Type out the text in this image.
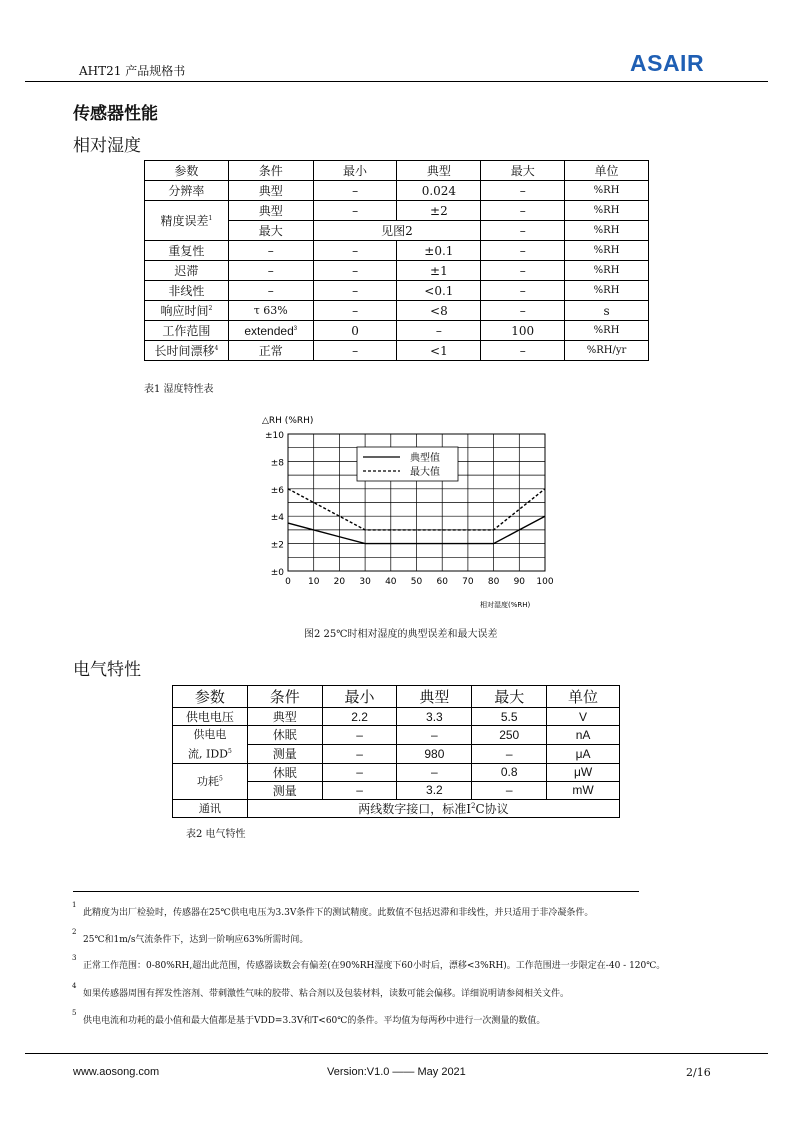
AHT21 产品规格书	ASAIR
传感器性能
相对湿度
参数	条件	最小	典型	最大	单位
分辨率	典型	–	0.024	–	%RH
精度误差$^1$	典型	–	±2	–	%RH
	最大	见图2		–	%RH
重复性	–	–	±0.1	–	%RH
迟滞	–	–	±1	–	%RH
非线性	–	–	<0.1	–	%RH
响应时间$^2$	τ 63%	–	<8	–	s
工作范围	extended$^3$	0	–	100	%RH
长时间漂移$^4$	正常	–	<1	–	%RH/yr
表1 湿度特性表
△RH (%RH)
0 10 20 30 40 50 60 70 80 90 100
±0
±2
±4
±6
±8
±10
典型值
最大值
相对湿度(%RH)
图2 25℃时相对湿度的典型误差和最大误差
电气特性
参数	条件	最小	典型	最大	单位
供电电压	典型	2.2	3.3	5.5	V
供电电
流, IDD$^5$	休眠	–	–	250	nA
	测量	–	980	–	μA
功耗$^5$	休眠	–	–	0.8	μW
	测量	–	3.2	–	mW
通讯	两线数字接口，标准$I^2C$协议				
表2 电气特性
1
此精度为出厂检验时，传感器在25℃供电电压为3.3V条件下的测试精度。此数值不包括迟滞和非线性，并只适用于非冷凝条件。
2
25℃和1m/s气流条件下，达到一阶响应63%所需时间。
3
正常工作范围：0-80%RH,超出此范围，传感器读数会有偏差(在90%RH湿度下60小时后，漂移<3%RH)。工作范围进一步限定在-40 - 120℃。
4
如果传感器周围有挥发性溶剂、带刺激性气味的胶带、粘合剂以及包装材料，读数可能会偏移。详细说明请参阅相关文件。
5
供电电流和功耗的最小值和最大值都是基于VDD=3.3V和T<60℃的条件。平均值为每两秒中进行一次测量的数值。
www.aosong.com	Version:V1.0 —— May 2021	2/16
